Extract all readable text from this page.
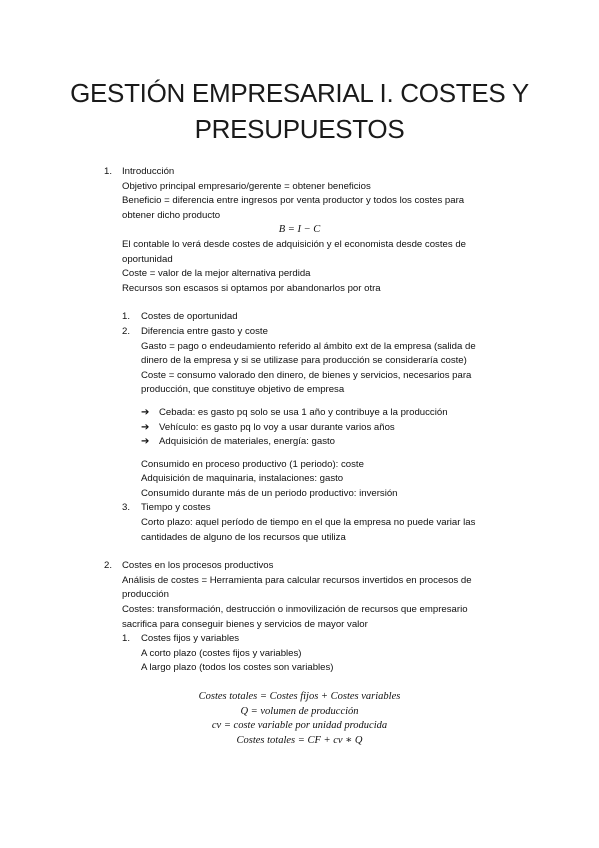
GESTIÓN EMPRESARIAL I. COSTES Y
PRESUPUESTOS
1. Introducción
Objetivo principal empresario/gerente = obtener beneficios
Beneficio = diferencia entre ingresos por venta productor y todos los costes para
obtener dicho producto
B = I − C
El contable lo verá desde costes de adquisición y el economista desde costes de
oportunidad
Coste = valor de la mejor alternativa perdida
Recursos son escasos si optamos por abandonarlos por otra
1. Costes de oportunidad
2. Diferencia entre gasto y coste
Gasto = pago o endeudamiento referido al ámbito ext de la empresa (salida de
dinero de la empresa y si se utilizase para producción se consideraría coste)
Coste = consumo valorado den dinero, de bienes y servicios, necesarios para
producción, que constituye objetivo de empresa
➔ Cebada: es gasto pq solo se usa 1 año y contribuye a la producción
➔ Vehículo: es gasto pq lo voy a usar durante varios años
➔ Adquisición de materiales, energía: gasto
Consumido en proceso productivo (1 periodo): coste
Adquisición de maquinaria, instalaciones: gasto
Consumido durante más de un periodo productivo: inversión
3. Tiempo y costes
Corto plazo: aquel período de tiempo en el que la empresa no puede variar las
cantidades de alguno de los recursos que utiliza
2. Costes en los procesos productivos
Análisis de costes = Herramienta para calcular recursos invertidos en procesos de
producción
Costes: transformación, destrucción o inmovilización de recursos que empresario
sacrifica para conseguir bienes y servicios de mayor valor
1. Costes fijos y variables
A corto plazo (costes fijos y variables)
A largo plazo (todos los costes son variables)
Costes totales = Costes fijos + Costes variables
Q = volumen de producción
cv = coste variable por unidad producida
Costes totales = CF + cv ∗ Q
